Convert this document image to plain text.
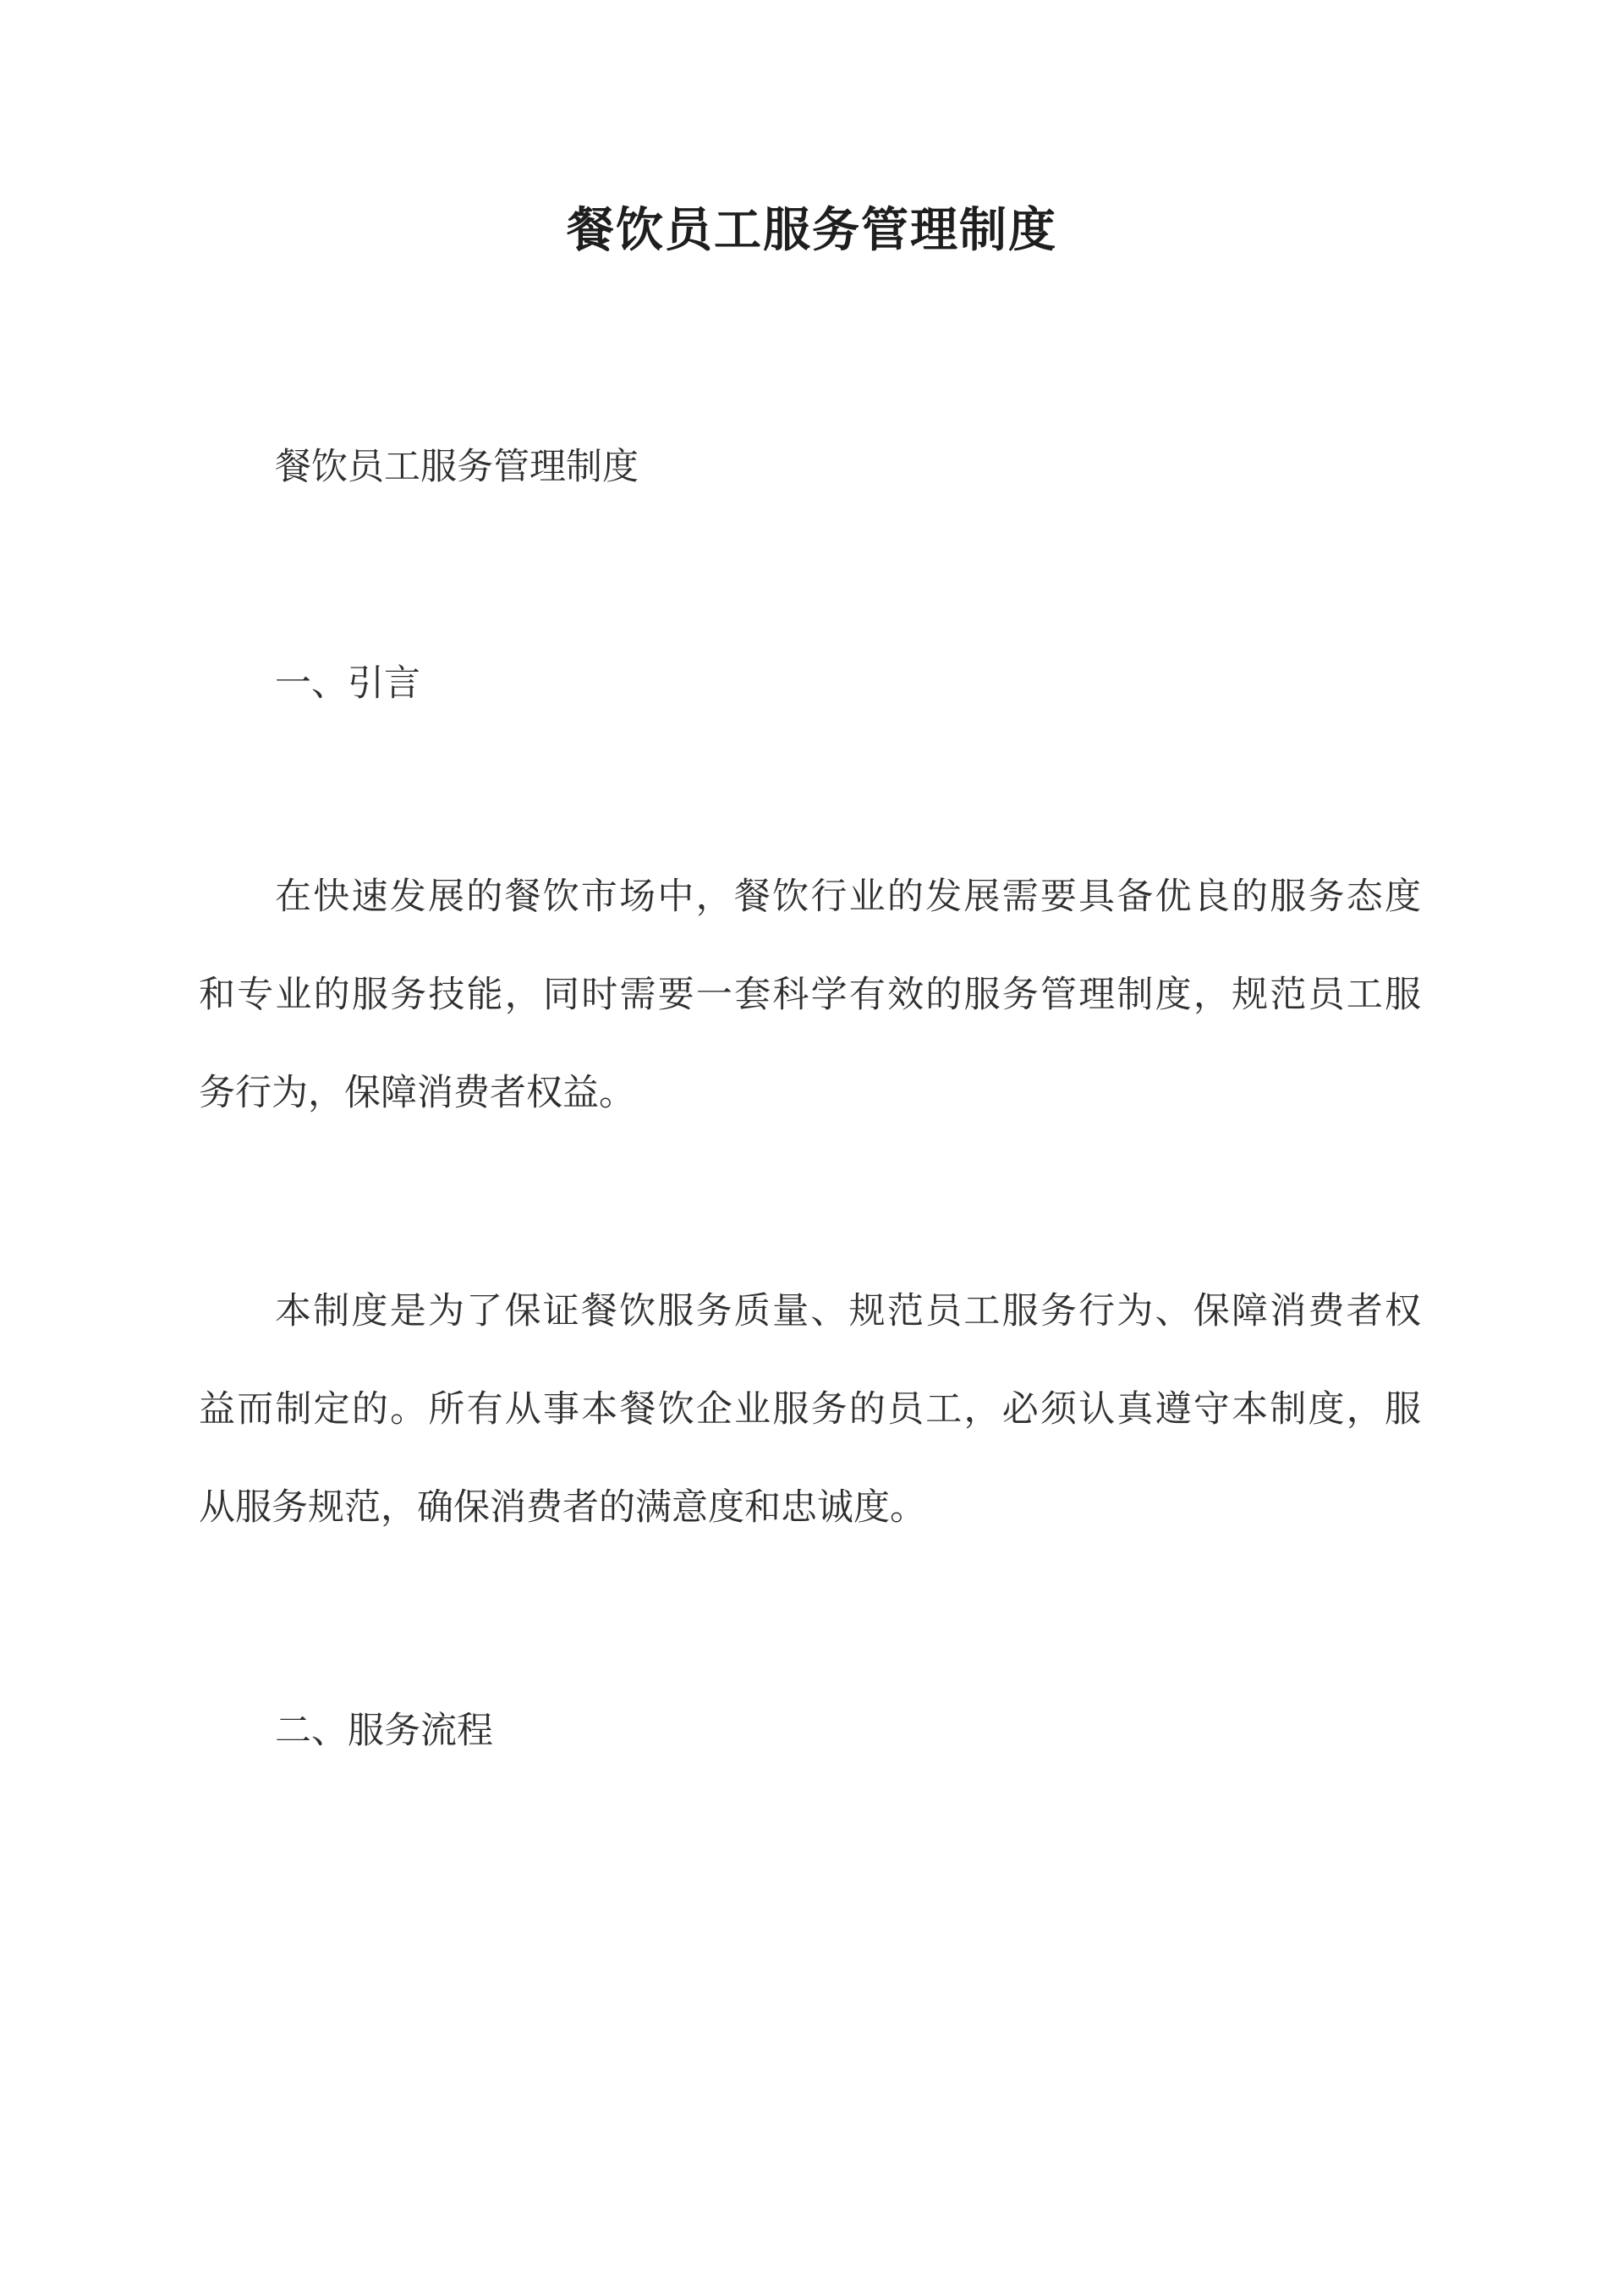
餐饮员工服务管理制度
餐饮员工服务管理制度
一、引言
在快速发展的餐饮市场中，餐饮行业的发展需要具备优良的服务态度
和专业的服务技能，同时需要一套科学有效的服务管理制度，规范员工服
务行为，保障消费者权益。
本制度是为了保证餐饮服务质量、规范员工服务行为、保障消费者权
益而制定的。所有从事本餐饮企业服务的员工，必须认真遵守本制度，服
从服务规范，确保消费者的满意度和忠诚度。
二、服务流程
